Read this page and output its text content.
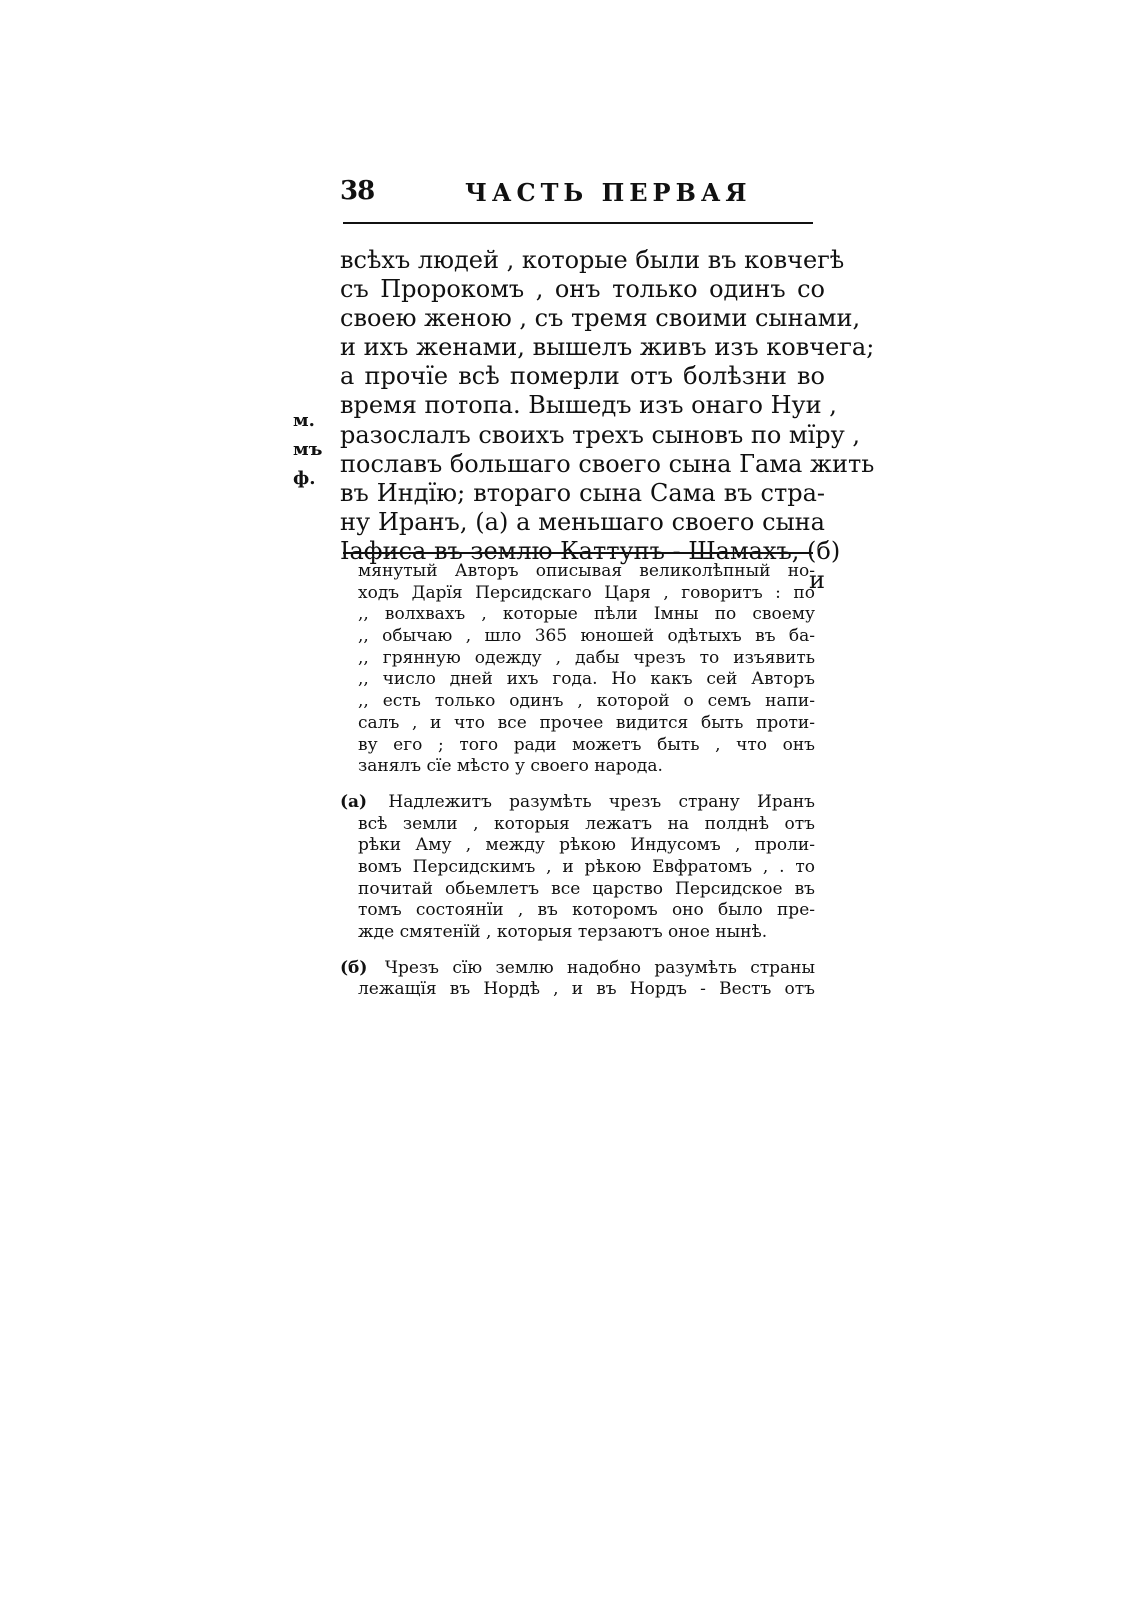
38	ЧАСТЬ ПЕРВАЯ
м.
мъ
ф.
всѣхъ людей , которые были въ ковчегѣ
съ Пророкомъ , онъ только одинъ со
своею женою , съ тремя своими сынами,
и ихъ женами, вышелъ живъ изъ ковчега;
а прочїе всѣ померли отъ болѣзни во
время потопа. Вышедъ изъ онаго Нуи ,
разослалъ своихъ трехъ сыновъ по мїру ,
пославъ большаго своего сына Гама жить
въ Индїю; втораго сына Сама въ стра-
ну Иранъ, (а) а меньшаго своего сына
Іафиса въ землю Каттупъ - Шамахъ, (б)
и
мянутый Авторъ описывая великолѣпный но-
ходъ Дарїя Персидскаго Царя , говоритъ : по
,, волхвахъ , которые пѣли Імны по своему
,, обычаю , шло 365 юношей одѣтыхъ въ ба-
,, грянную одежду , дабы чрезъ то изъявить
,, число дней ихъ года. Но какъ сей Авторъ
,, есть только одинъ , которой о семъ напи-
салъ , и что все прочее видится быть проти-
ву его ; того ради можетъ быть , что онъ
занялъ сїе мѣсто у своего народа.
(а) Надлежитъ разумѣть чрезъ страну Иранъ
всѣ земли , которыя лежатъ на полднѣ отъ
рѣки Аму , между рѣкою Индусомъ , проли-
вомъ Персидскимъ , и рѣкою Евфратомъ , . то
почитай обьемлетъ все царство Персидское въ
томъ состоянїи , въ которомъ оно было пре-
жде смятенїй , которыя терзаютъ оное нынѣ.
(б) Чрезъ сїю землю надобно разумѣть страны
лежащїя въ Нордѣ , и въ Нордъ - Вестъ отъ
